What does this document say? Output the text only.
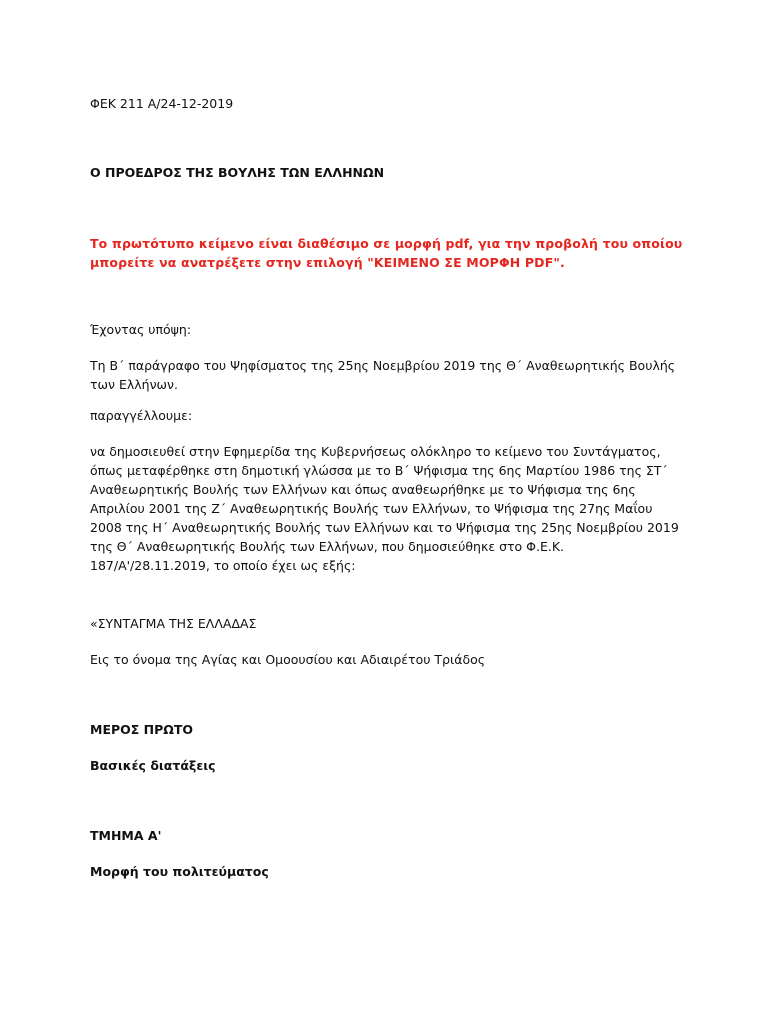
ΦΕΚ 211 Α/24-12-2019

Ο ΠΡΟΕΔΡΟΣ ΤΗΣ ΒΟΥΛΗΣ ΤΩΝ ΕΛΛΗΝΩΝ

Το πρωτότυπο κείμενο είναι διαθέσιμο σε μορφή pdf, για την προβολή του οποίου
μπορείτε να ανατρέξετε στην επιλογή "ΚΕΙΜΕΝΟ ΣΕ ΜΟΡΦΗ PDF".

Έχοντας υπόψη:

Τη Β΄ παράγραφο του Ψηφίσματος της 25ης Νοεμβρίου 2019 της Θ΄ Αναθεωρητικής Βουλής
των Ελλήνων.

παραγγέλλουμε:

να δημοσιευθεί στην Εφημερίδα της Κυβερνήσεως ολόκληρο το κείμενο του Συντάγματος,
όπως μεταφέρθηκε στη δημοτική γλώσσα με το Β΄ Ψήφισμα της 6ης Μαρτίου 1986 της ΣΤ΄
Αναθεωρητικής Βουλής των Ελλήνων και όπως αναθεωρήθηκε με το Ψήφισμα της 6ης
Απριλίου 2001 της Ζ΄ Αναθεωρητικής Βουλής των Ελλήνων, το Ψήφισμα της 27ης Μαΐου
2008 της Η΄ Αναθεωρητικής Βουλής των Ελλήνων και το Ψήφισμα της 25ης Νοεμβρίου 2019
της Θ΄ Αναθεωρητικής Βουλής των Ελλήνων, που δημοσιεύθηκε στο Φ.Ε.Κ.
187/Α'/28.11.2019, το οποίο έχει ως εξής:

«ΣΥΝΤΑΓΜΑ ΤΗΣ ΕΛΛΑΔΑΣ

Εις το όνομα της Αγίας και Ομοουσίου και Αδιαιρέτου Τριάδος

ΜΕΡΟΣ ΠΡΩΤΟ

Βασικές διατάξεις

ΤΜΗΜΑ Α'

Μορφή του πολιτεύματος
